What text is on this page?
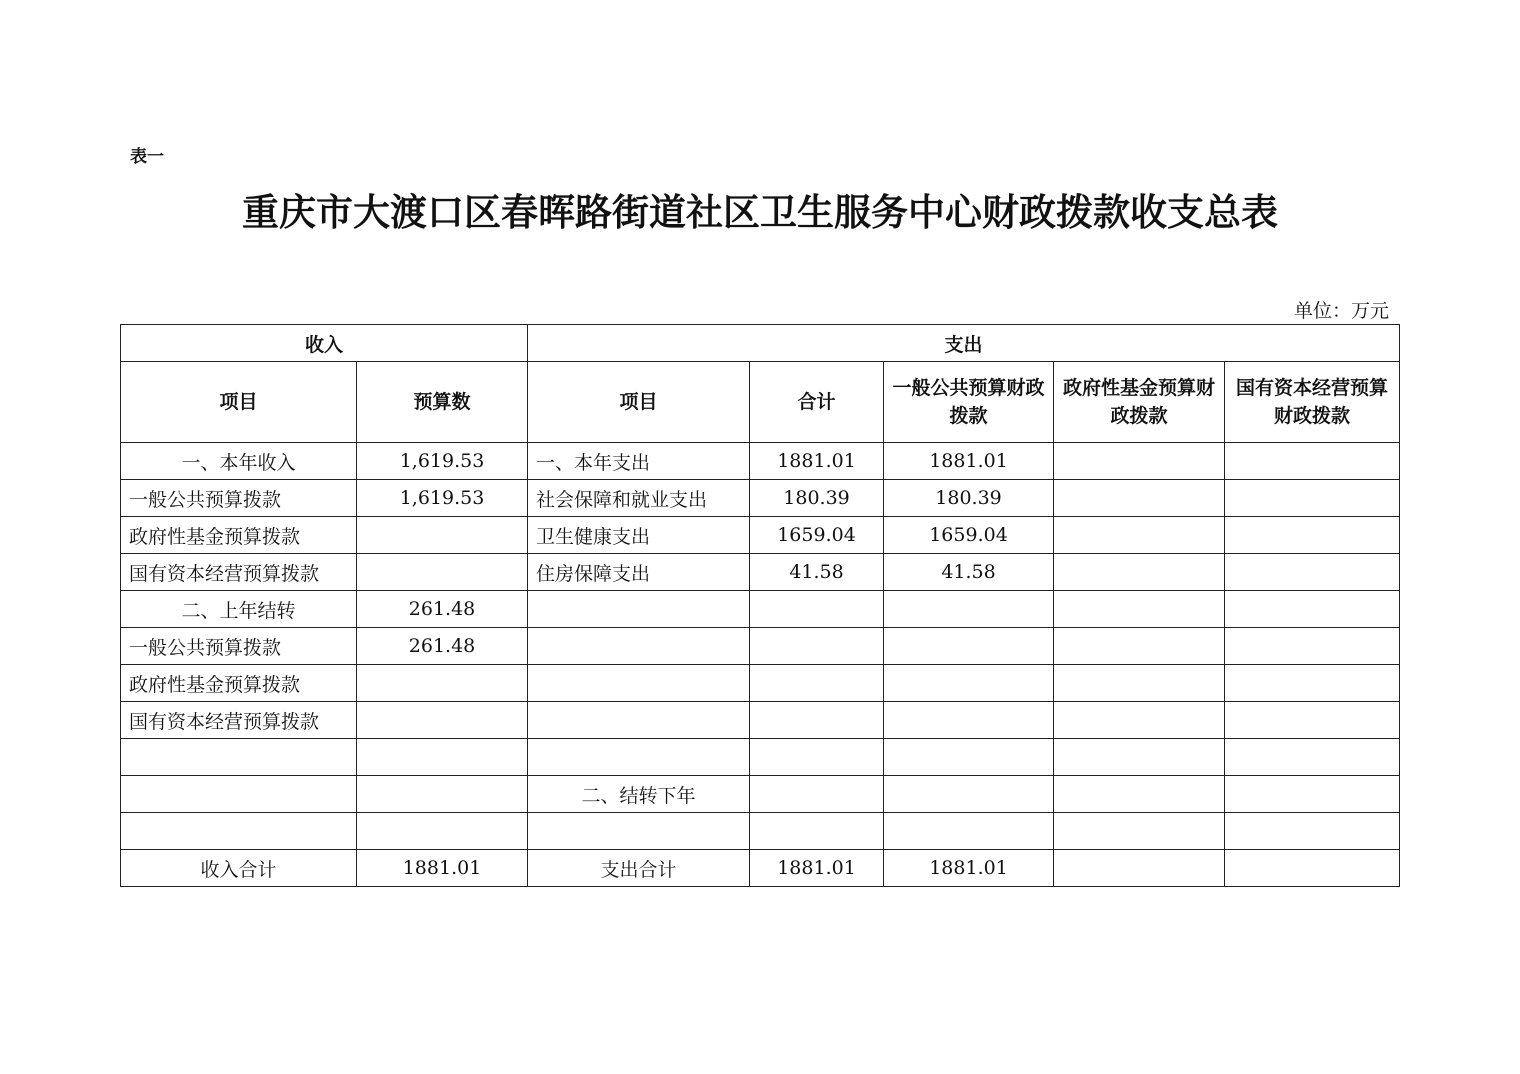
表一
重庆市大渡口区春晖路街道社区卫生服务中心财政拨款收支总表
单位：万元
收入		支出				
项目	预算数	项目	合计	一般公共预算财政拨款	政府性基金预算财政拨款	国有资本经营预算财政拨款
一、本年收入	1,619.53	一、本年支出	1881.01	1881.01		
一般公共预算拨款	1,619.53	社会保障和就业支出	180.39	180.39		
政府性基金预算拨款		卫生健康支出	1659.04	1659.04		
国有资本经营预算拨款		住房保障支出	41.58	41.58		
二、上年结转	261.48					
一般公共预算拨款	261.48					
政府性基金预算拨款						
国有资本经营预算拨款						

		二、结转下年				

收入合计	1881.01	支出合计	1881.01	1881.01		
